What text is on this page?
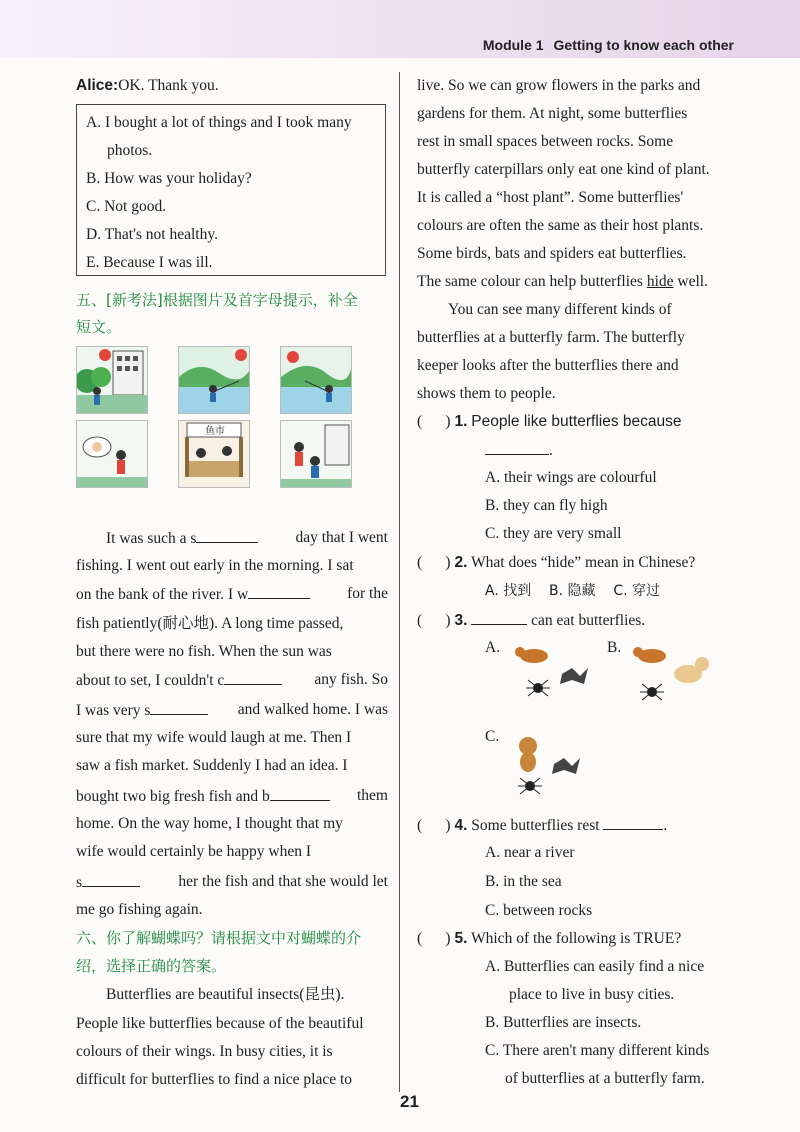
Module 1 Getting to know each other
Alice:OK. Thank you.
A. I bought a lot of things and I took many
photos.
B. How was your holiday?
C. Not good.
D. That's not healthy.
E. Because I was ill.
五、[新考法]根据图片及首字母提示，补全
短文。
鱼市
It was such a s	day that I went
fishing. I went out early in the morning. I sat
on the bank of the river. I w	for the
fish patiently(耐心地). A long time passed,
but there were no fish. When the sun was
about to set, I couldn't c	any fish. So
I was very s	and walked home. I was
sure that my wife would laugh at me. Then I
saw a fish market. Suddenly I had an idea. I
bought two big fresh fish and b	them
home. On the way home, I thought that my
wife would certainly be happy when I
s	her the fish and that she would let
me go fishing again.
六、你了解蝴蝶吗？请根据文中对蝴蝶的介
绍，选择正确的答案。
Butterflies are beautiful insects(昆虫).
People like butterflies because of the beautiful
colours of their wings. In busy cities, it is
difficult for butterflies to find a nice place to
live. So we can grow flowers in the parks and
gardens for them. At night, some butterflies
rest in small spaces between rocks. Some
butterfly caterpillars only eat one kind of plant.
It is called a “host plant”. Some butterflies'
colours are often the same as their host plants.
Some birds, bats and spiders eat butterflies.
The same colour can help butterflies hide well.
You can see many different kinds of
butterflies at a butterfly farm. The butterfly
keeper looks after the butterflies there and
shows them to people.
(      ) 1. People like butterflies because
.
A. their wings are colourful
B. they can fly high
C. they are very small
(      ) 2. What does “hide” mean in Chinese?
A. 找到 B. 隐藏 C. 穿过
(      ) 3.	can eat butterflies.
A.	B.
C.
(      ) 4. Some butterflies rest	.
A. near a river
B. in the sea
C. between rocks
(      ) 5. Which of the following is TRUE?
A. Butterflies can easily find a nice
place to live in busy cities.
B. Butterflies are insects.
C. There aren't many different kinds
of butterflies at a butterfly farm.
21
